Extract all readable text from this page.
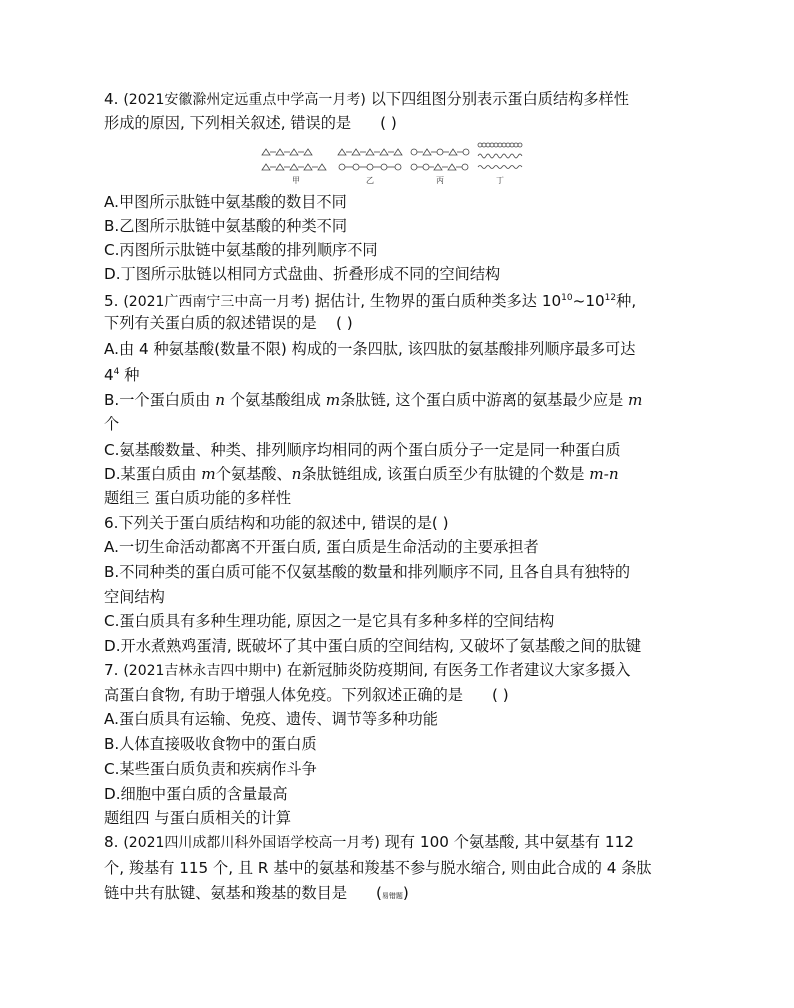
4. (2021安徽滁州定远重点中学高一月考) 以下四组图分别表示蛋白质结构多样性
形成的原因, 下列相关叙述, 错误的是 ( )
甲	乙	丙	丁
A.甲图所示肽链中氨基酸的数目不同
B.乙图所示肽链中氨基酸的种类不同
C.丙图所示肽链中氨基酸的排列顺序不同
D.丁图所示肽链以相同方式盘曲、折叠形成不同的空间结构
5. (2021广西南宁三中高一月考) 据估计, 生物界的蛋白质种类多达 $10^{10}\sim 10^{12}$种,
下列有关蛋白质的叙述错误的是 ( )
A.由 4 种氨基酸(数量不限) 构成的一条四肽, 该四肽的氨基酸排列顺序最多可达
$4^4$ 种
B.一个蛋白质由 n 个氨基酸组成 m条肽链, 这个蛋白质中游离的氨基最少应是 m
个
C.氨基酸数量、种类、排列顺序均相同的两个蛋白质分子一定是同一种蛋白质
D.某蛋白质由 m个氨基酸、n条肽链组成, 该蛋白质至少有肽键的个数是 m-n
题组三 蛋白质功能的多样性
6.下列关于蛋白质结构和功能的叙述中, 错误的是( )
A.一切生命活动都离不开蛋白质, 蛋白质是生命活动的主要承担者
B.不同种类的蛋白质可能不仅氨基酸的数量和排列顺序不同, 且各自具有独特的
空间结构
C.蛋白质具有多种生理功能, 原因之一是它具有多种多样的空间结构
D.开水煮熟鸡蛋清, 既破坏了其中蛋白质的空间结构, 又破坏了氨基酸之间的肽键
7. (2021吉林永吉四中期中) 在新冠肺炎防疫期间, 有医务工作者建议大家多摄入
高蛋白食物, 有助于增强人体免疫。下列叙述正确的是 ( )
A.蛋白质具有运输、免疫、遗传、调节等多种功能
B.人体直接吸收食物中的蛋白质
C.某些蛋白质负责和疾病作斗争
D.细胞中蛋白质的含量最高
题组四 与蛋白质相关的计算
8. (2021四川成都川科外国语学校高一月考) 现有 100 个氨基酸, 其中氨基有 112
个, 羧基有 115 个, 且 R 基中的氨基和羧基不参与脱水缩合, 则由此合成的 4 条肽
链中共有肽键、氨基和羧基的数目是 (易错题)
